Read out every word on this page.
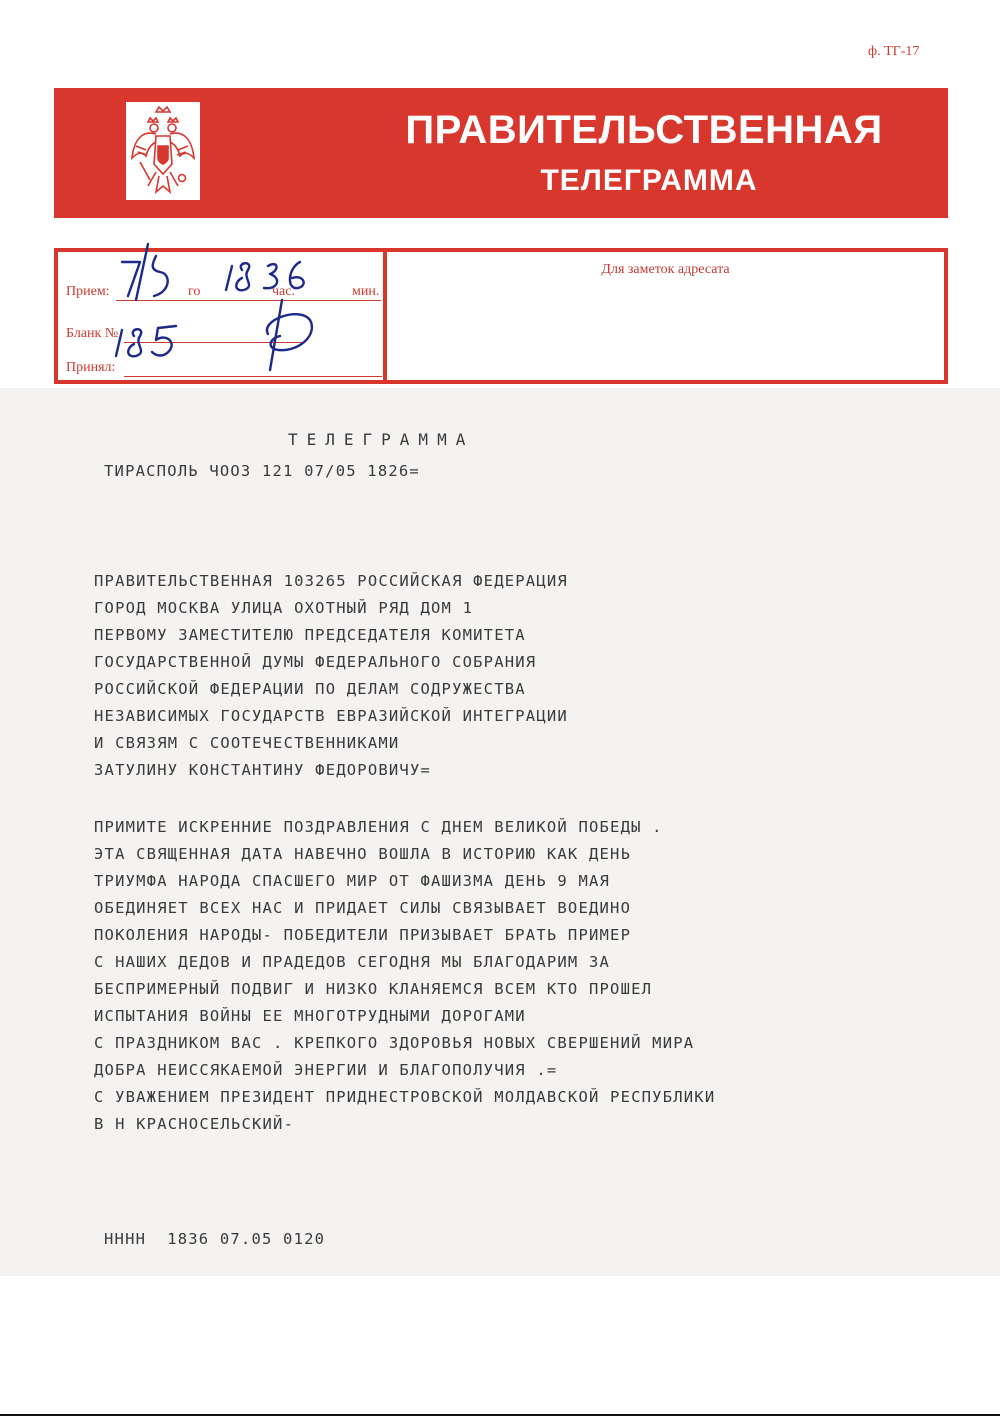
ф. ТГ-17
ПРАВИТЕЛЬСТВЕННАЯ
ТЕЛЕГРАММА
Прием:	го	час.	мин.
Бланк №
Принял:
Для заметок адресата
ТЕЛЕГРАММА
ТИРАСПОЛЬ ЧООЗ 121 07/05 1826=
ПРАВИТЕЛЬСТВЕННАЯ 103265 РОССИЙСКАЯ ФЕДЕРАЦИЯ
ГОРОД МОСКВА УЛИЦА ОХОТНЫЙ РЯД ДОМ 1
ПЕРВОМУ ЗАМЕСТИТЕЛЮ ПРЕДСЕДАТЕЛЯ КОМИТЕТА
ГОСУДАРСТВЕННОЙ ДУМЫ ФЕДЕРАЛЬНОГО СОБРАНИЯ
РОССИЙСКОЙ ФЕДЕРАЦИИ ПО ДЕЛАМ СОДРУЖЕСТВА
НЕЗАВИСИМЫХ ГОСУДАРСТВ ЕВРАЗИЙСКОЙ ИНТЕГРАЦИИ
И СВЯЗЯМ С СООТЕЧЕСТВЕННИКАМИ
ЗАТУЛИНУ КОНСТАНТИНУ ФЕДОРОВИЧУ=
ПРИМИТЕ ИСКРЕННИЕ ПОЗДРАВЛЕНИЯ С ДНЕМ ВЕЛИКОЙ ПОБЕДЫ .
ЭТА СВЯЩЕННАЯ ДАТА НАВЕЧНО ВОШЛА В ИСТОРИЮ КАК ДЕНЬ
ТРИУМФА НАРОДА СПАСШЕГО МИР ОТ ФАШИЗМА ДЕНЬ 9 МАЯ
ОБЕДИНЯЕТ ВСЕХ НАС И ПРИДАЕТ СИЛЫ СВЯЗЫВАЕТ ВОЕДИНО
ПОКОЛЕНИЯ НАРОДЫ- ПОБЕДИТЕЛИ ПРИЗЫВАЕТ БРАТЬ ПРИМЕР
С НАШИХ ДЕДОВ И ПРАДЕДОВ СЕГОДНЯ МЫ БЛАГОДАРИМ ЗА
БЕСПРИМЕРНЫЙ ПОДВИГ И НИЗКО КЛАНЯЕМСЯ ВСЕМ КТО ПРОШЕЛ
ИСПЫТАНИЯ ВОЙНЫ ЕЕ МНОГОТРУДНЫМИ ДОРОГАМИ
С ПРАЗДНИКОМ ВАС . КРЕПКОГО ЗДОРОВЬЯ НОВЫХ СВЕРШЕНИЙ МИРА
ДОБРА НЕИССЯКАЕМОЙ ЭНЕРГИИ И БЛАГОПОЛУЧИЯ .=
С УВАЖЕНИЕМ ПРЕЗИДЕНТ ПРИДНЕСТРОВСКОЙ МОЛДАВСКОЙ РЕСПУБЛИКИ
В Н КРАСНОСЕЛЬСКИЙ-
НННН  1836 07.05 0120
